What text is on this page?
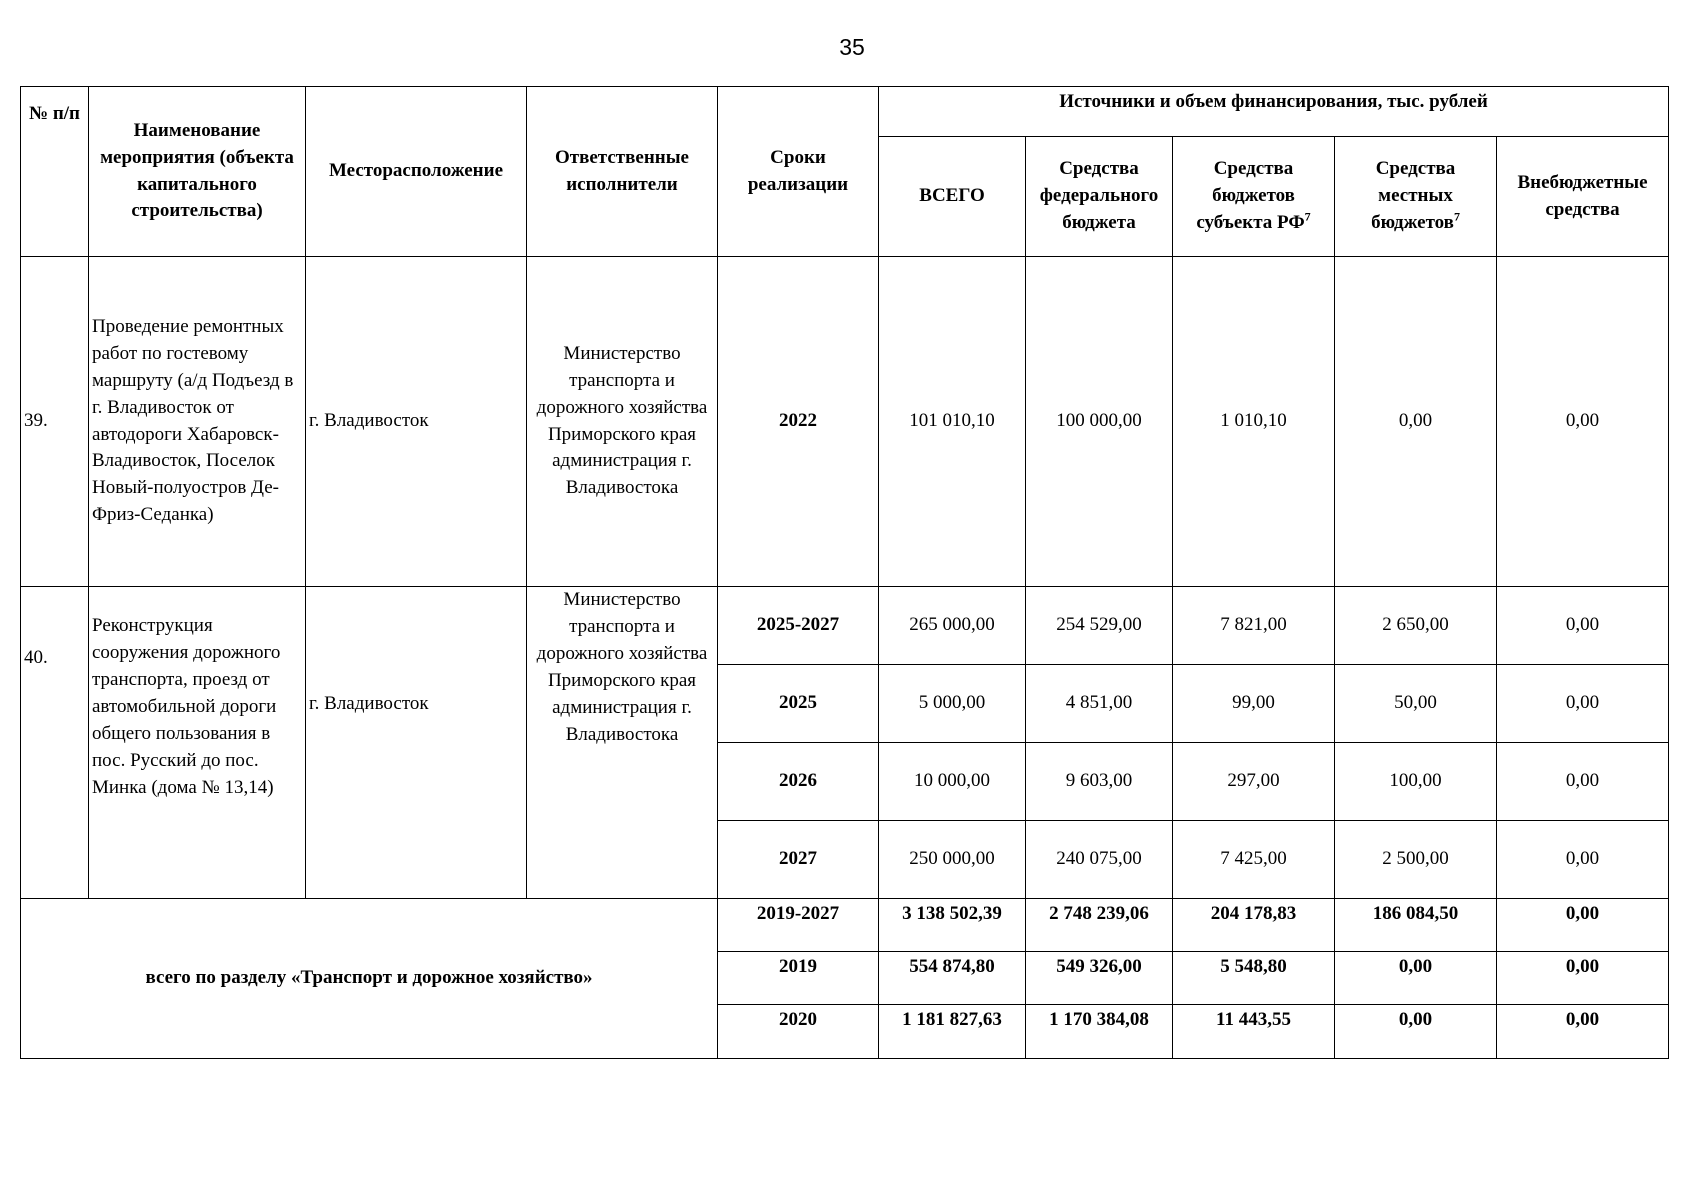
35
№ п/п	Наименование мероприятия (объекта капитального строительства)	Месторасположение	Ответственные исполнители	Сроки реализации	Источники и объем финансирования, тыс. рублей				
					ВСЕГО	Средства федерального бюджета	Средства бюджетов субъекта $РФ^7$	Средства местных бюджетов$^7$	Внебюджетные средства
39.	Проведение ремонтных работ по гостевому маршруту (а/д Подъезд в г. Владивосток от автодороги Хабаровск-Владивосток, Поселок Новый-полуостров Де-Фриз-Седанка)	г. Владивосток	Министерство транспорта и дорожного хозяйства Приморского края администрация г. Владивостока	2022	101 010,10	100 000,00	1 010,10	0,00	0,00
40.	Реконструкция сооружения дорожного транспорта, проезд от автомобильной дороги общего пользования в пос. Русский до пос. Минка (дома № 13,14)	г. Владивосток	Министерство транспорта и дорожного хозяйства Приморского края администрация г. Владивостока	2025-2027	265 000,00	254 529,00	7 821,00	2 650,00	0,00
				2025	5 000,00	4 851,00	99,00	50,00	0,00
				2026	10 000,00	9 603,00	297,00	100,00	0,00
				2027	250 000,00	240 075,00	7 425,00	2 500,00	0,00
всего по разделу «Транспорт и дорожное хозяйство»				2019-2027	3 138 502,39	2 748 239,06	204 178,83	186 084,50	0,00
				2019	554 874,80	549 326,00	5 548,80	0,00	0,00
				2020	1 181 827,63	1 170 384,08	11 443,55	0,00	0,00
